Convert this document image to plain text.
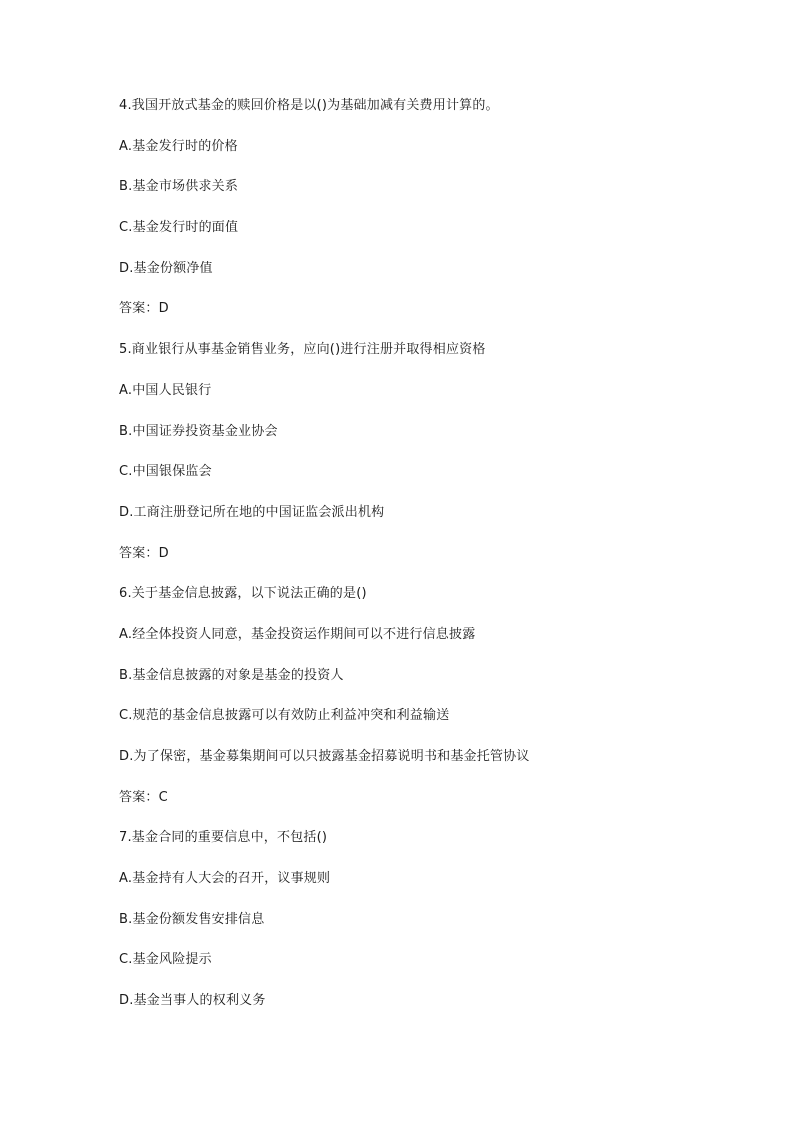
4.我国开放式基金的赎回价格是以()为基础加减有关费用计算的。
A.基金发行时的价格
B.基金市场供求关系
C.基金发行时的面值
D.基金份额净值
答案：D
5.商业银行从事基金销售业务，应向()进行注册并取得相应资格
A.中国人民银行
B.中国证券投资基金业协会
C.中国银保监会
D.工商注册登记所在地的中国证监会派出机构
答案：D
6.关于基金信息披露，以下说法正确的是()
A.经全体投资人同意，基金投资运作期间可以不进行信息披露
B.基金信息披露的对象是基金的投资人
C.规范的基金信息披露可以有效防止利益冲突和利益输送
D.为了保密，基金募集期间可以只披露基金招募说明书和基金托管协议
答案：C
7.基金合同的重要信息中，不包括()
A.基金持有人大会的召开，议事规则
B.基金份额发售安排信息
C.基金风险提示
D.基金当事人的权利义务
